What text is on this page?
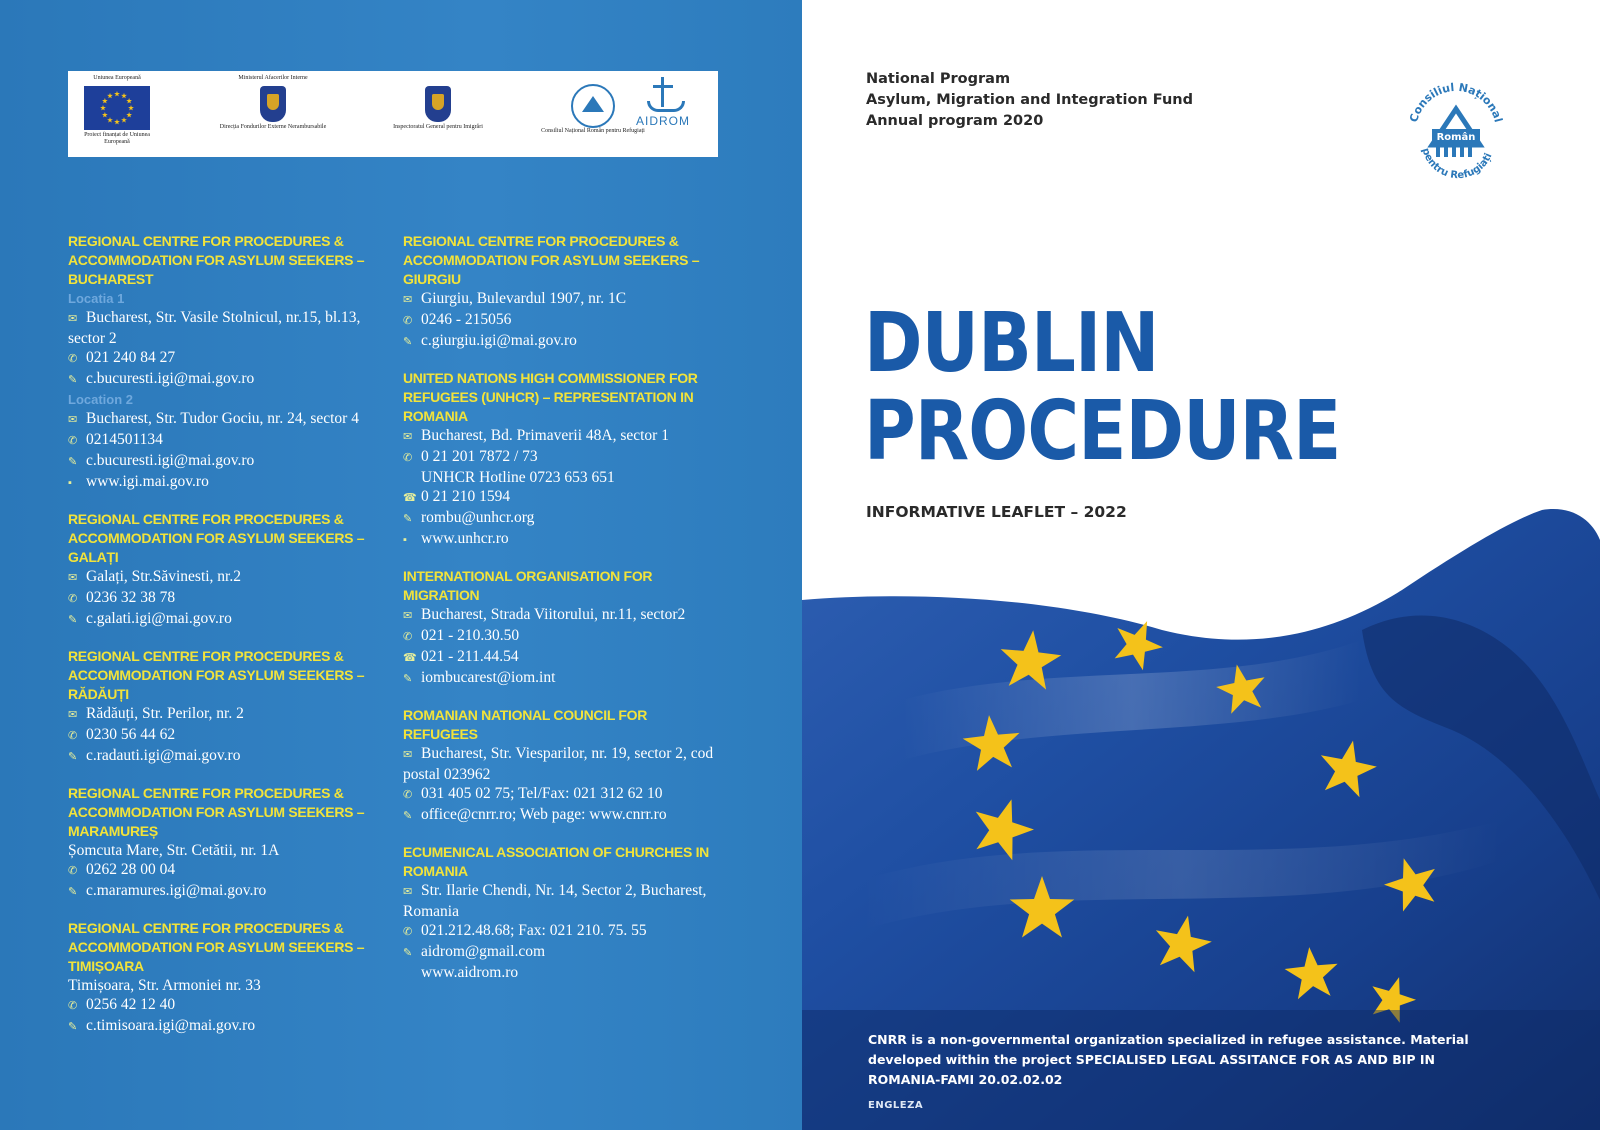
Uniunea Europeană
Proiect finanțat de Uniunea Europeană
Ministerul Afacerilor Interne
Direcția Fondurilor Externe Nerambursabile	Inspectoratul General pentru Imigrări
Consiliul Național Român pentru Refugiați
AIDROM
REGIONAL CENTRE FOR PROCEDURES & ACCOMMODATION FOR ASYLUM SEEKERS – BUCHAREST
Locatia 1
✉ Bucharest, Str. Vasile Stolnicul, nr.15, bl.13, sector 2
✆ 021 240 84 27
✎ c.bucuresti.igi@mai.gov.ro
Location 2
✉ Bucharest, Str. Tudor Gociu, nr. 24, sector 4
✆ 0214501134
✎ c.bucuresti.igi@mai.gov.ro
▪ www.igi.mai.gov.ro
REGIONAL CENTRE FOR PROCEDURES & ACCOMMODATION FOR ASYLUM SEEKERS – GALAȚI
✉ Galați, Str.Săvinesti, nr.2
✆ 0236 32 38 78
✎ c.galati.igi@mai.gov.ro
REGIONAL CENTRE FOR PROCEDURES & ACCOMMODATION FOR ASYLUM SEEKERS – RĂDĂUȚI
✉ Rădăuți, Str. Perilor, nr. 2
✆ 0230 56 44 62
✎ c.radauti.igi@mai.gov.ro
REGIONAL CENTRE FOR PROCEDURES & ACCOMMODATION FOR ASYLUM SEEKERS – MARAMUREȘ
Șomcuta Mare, Str. Cetătii, nr. 1A
✆ 0262 28 00 04
✎ c.maramures.igi@mai.gov.ro
REGIONAL CENTRE FOR PROCEDURES & ACCOMMODATION FOR ASYLUM SEEKERS – TIMIȘOARA
Timișoara, Str. Armoniei nr. 33
✆ 0256 42 12 40
✎ c.timisoara.igi@mai.gov.ro
REGIONAL CENTRE FOR PROCEDURES & ACCOMMODATION FOR ASYLUM SEEKERS – GIURGIU
✉ Giurgiu, Bulevardul 1907, nr. 1C
✆ 0246 - 215056
✎ c.giurgiu.igi@mai.gov.ro
UNITED NATIONS HIGH COMMISSIONER FOR REFUGEES (UNHCR) – REPRESENTATION IN ROMANIA
✉ Bucharest, Bd. Primaverii 48A, sector 1
✆ 0 21 201 7872 / 73
UNHCR Hotline 0723 653 651
☎ 0 21 210 1594
✎ rombu@unhcr.org
▪ www.unhcr.ro
INTERNATIONAL ORGANISATION FOR MIGRATION
✉ Bucharest, Strada Viitorului, nr.11, sector2
✆ 021 - 210.30.50
☎ 021 - 211.44.54
✎ iombucarest@iom.int
ROMANIAN NATIONAL COUNCIL FOR REFUGEES
✉ Bucharest, Str. Viesparilor, nr. 19, sector 2, cod postal 023962
✆ 031 405 02 75; Tel/Fax: 021 312 62 10
✎ office@cnrr.ro; Web page: www.cnrr.ro
ECUMENICAL ASSOCIATION OF CHURCHES IN ROMANIA
✉ Str. Ilarie Chendi, Nr. 14, Sector 2, Bucharest, Romania
✆ 021.212.48.68; Fax: 021 210. 75. 55
✎ aidrom@gmail.com
www.aidrom.ro
National Program
Asylum, Migration and Integration Fund
Annual program 2020	Consiliul Național
Român
pentru Refugiați
DUBLIN
PROCEDURE
INFORMATIVE LEAFLET – 2022
CNRR is a non-governmental organization specialized in refugee assistance. Material developed within the project SPECIALISED LEGAL ASSITANCE FOR AS AND BIP IN ROMANIA-FAMI 20.02.02.02
ENGLEZA
